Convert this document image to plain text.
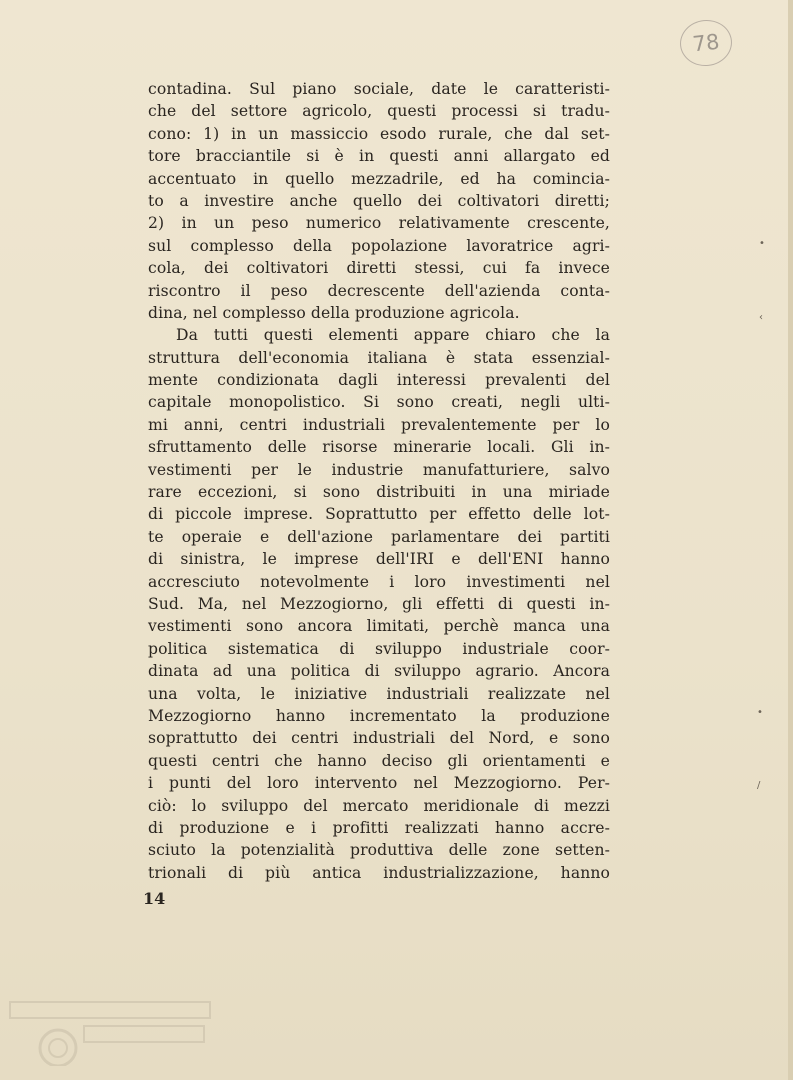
78
•
‹
•
/
contadina. Sul piano sociale, date le caratteristi-
che del settore agricolo, questi processi si tradu-
cono: 1) in un massiccio esodo rurale, che dal set-
tore bracciantile si è in questi anni allargato ed
accentuato in quello mezzadrile, ed ha comincia-
to a investire anche quello dei coltivatori diretti;
2) in un peso numerico relativamente crescente,
sul complesso della popolazione lavoratrice agri-
cola, dei coltivatori diretti stessi, cui fa invece
riscontro il peso decrescente dell'azienda conta-
dina, nel complesso della produzione agricola.
Da tutti questi elementi appare chiaro che la
struttura dell'economia italiana è stata essenzial-
mente condizionata dagli interessi prevalenti del
capitale monopolistico. Si sono creati, negli ulti-
mi anni, centri industriali prevalentemente per lo
sfruttamento delle risorse minerarie locali. Gli in-
vestimenti per le industrie manufatturiere, salvo
rare eccezioni, si sono distribuiti in una miriade
di piccole imprese. Soprattutto per effetto delle lot-
te operaie e dell'azione parlamentare dei partiti
di sinistra, le imprese dell'IRI e dell'ENI hanno
accresciuto notevolmente i loro investimenti nel
Sud. Ma, nel Mezzogiorno, gli effetti di questi in-
vestimenti sono ancora limitati, perchè manca una
politica sistematica di sviluppo industriale coor-
dinata ad una politica di sviluppo agrario. Ancora
una volta, le iniziative industriali realizzate nel
Mezzogiorno hanno incrementato la produzione
soprattutto dei centri industriali del Nord, e sono
questi centri che hanno deciso gli orientamenti e
i punti del loro intervento nel Mezzogiorno. Per-
ciò: lo sviluppo del mercato meridionale di mezzi
di produzione e i profitti realizzati hanno accre-
sciuto la potenzialità produttiva delle zone setten-
trionali di più antica industrializzazione, hanno
14
